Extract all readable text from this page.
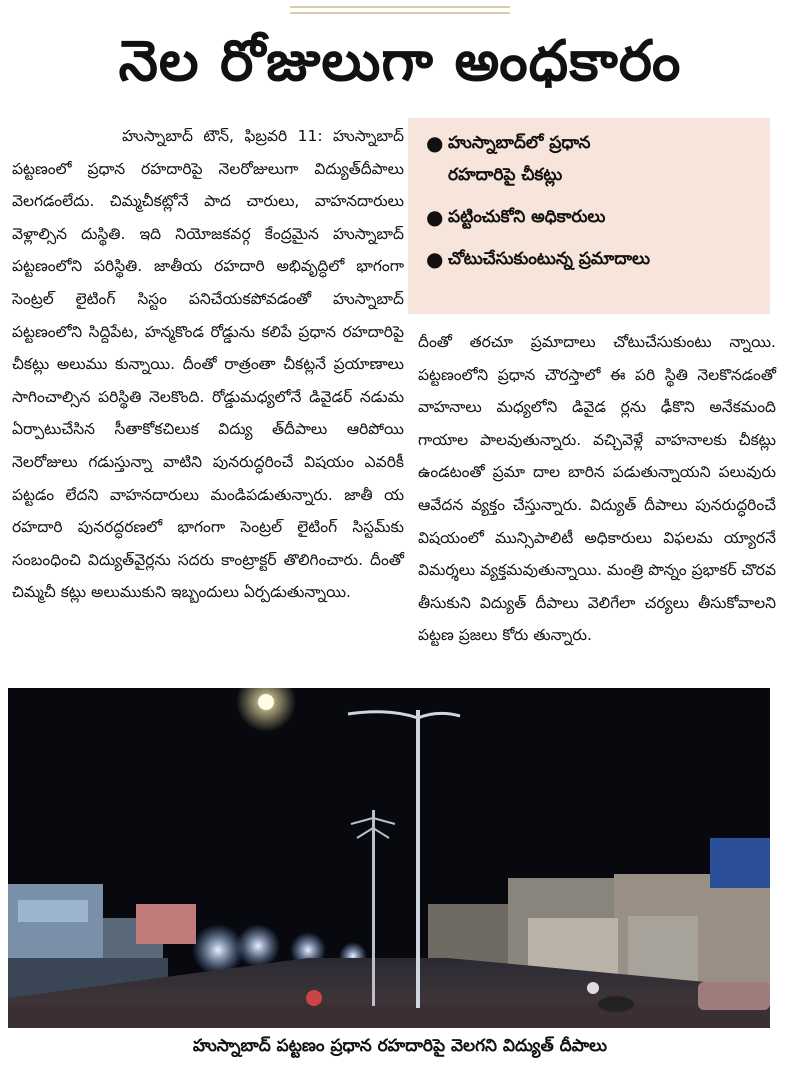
నెల రోజులుగా అంధకారం

హుస్నాబాద్ టౌన్, ఫిబ్రవరి 11: హుస్నాబాద్ పట్టణంలో ప్రధాన రహదారిపై నెలరోజులుగా విద్యుత్‌దీపాలు వెలగడంలేదు. చిమ్మచీకట్లోనే పాద చారులు, వాహనదారులు వెళ్లాల్సిన దుస్థితి. ఇది నియోజకవర్గ కేంద్రమైన హుస్నాబాద్ పట్టణంలోని పరిస్థితి. జాతీయ రహదారి అభివృద్ధిలో భాగంగా సెంట్రల్ లైటింగ్ సిస్టం పనిచేయకపోవడంతో హుస్నాబాద్ పట్టణంలోని సిద్దిపేట, హన్మకొండ రోడ్డును కలిపే ప్రధాన రహదారిపై చీకట్లు అలుము కున్నాయి. దీంతో రాత్రంతా చీకట్లనే ప్రయాణాలు సాగించాల్సిన పరిస్థితి నెలకొంది. రోడ్డుమధ్యలోనే డివైడర్ నడుమ ఏర్పాటుచేసిన సీతాకోకచిలుక విద్యు త్‌దీపాలు ఆరిపోయి నెలరోజులు గడుస్తున్నా వాటిని పునరుద్ధరించే విషయం ఎవరికీ పట్టడం లేదని వాహనదారులు మండిపడుతున్నారు. జాతీ య రహదారి పునరద్ధరణలో భాగంగా సెంట్రల్ లైటింగ్ సిస్టమ్‌కు సంబంధించి విద్యుత్‌వైర్లను సదరు కాంట్రాక్టర్ తొలిగించారు. దీంతో చిమ్మచీ కట్లు అలుముకుని ఇబ్బందులు ఏర్పడుతున్నాయి.

● హుస్నాబాద్‌లో ప్రధాన
రహదారిపై చీకట్లు
● పట్టించుకోని అధికారులు
● చోటుచేసుకుంటున్న ప్రమాదాలు

దీంతో తరచూ ప్రమాదాలు చోటుచేసుకుంటు న్నాయి. పట్టణంలోని ప్రధాన చౌరస్తాలో ఈ పరి స్థితి నెలకొనడంతో వాహనాలు మధ్యలోని డివైడ ర్లను ఢీకొని అనేకమంది గాయాల పాలవుతున్నారు. వచ్చివెళ్లే వాహనాలకు చీకట్లు ఉండటంతో ప్రమా దాల బారిన పడుతున్నాయని పలువురు ఆవేదన వ్యక్తం చేస్తున్నారు. విద్యుత్ దీపాలు పునరుద్ధరించే విషయంలో మున్సిపాలిటీ అధికారులు విఫలమ య్యారనే విమర్శలు వ్యక్తమవుతున్నాయి. మంత్రి పొన్నం ప్రభాకర్ చొరవ తీసుకుని విద్యుత్ దీపాలు వెలిగేలా చర్యలు తీసుకోవాలని పట్టణ ప్రజలు కోరు తున్నారు.

హుస్నాబాద్ పట్టణం ప్రధాన రహదారిపై వెలగని విద్యుత్ దీపాలు
